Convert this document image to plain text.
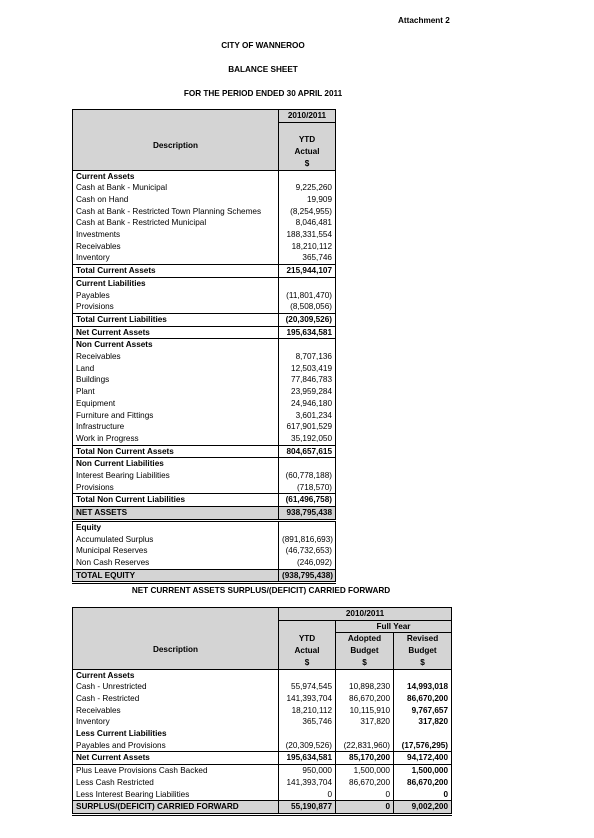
Attachment 2
CITY OF WANNEROO
BALANCE SHEET
FOR THE PERIOD ENDED 30 APRIL 2011
	2010/2011

Description	

	YTD
	Actual
	$
Current Assets	
Cash at Bank - Municipal	9,225,260
Cash on Hand	19,909
Cash at Bank - Restricted Town Planning Schemes	(8,254,955)
Cash at Bank - Restricted Municipal	8,046,481
Investments	188,331,554
Receivables	18,210,112
Inventory	365,746
Total Current Assets	215,944,107
Current Liabilities	
Payables	(11,801,470)
Provisions	(8,508,056)
Total Current Liabilities	(20,309,526)
Net Current Assets	195,634,581
Non Current Assets	
Receivables	8,707,136
Land	12,503,419
Buildings	77,846,783
Plant	23,959,284
Equipment	24,946,180
Furniture and Fittings	3,601,234
Infrastructure	617,901,529
Work in Progress	35,192,050
Total Non Current Assets	804,657,615
Non Current Liabilities	
Interest Bearing Liabilities	(60,778,188)
Provisions	(718,570)
Total Non Current Liabilities	(61,496,758)
NET ASSETS	938,795,438
Equity	
Accumulated Surplus	(891,816,693)
Municipal Reserves	(46,732,653)
Non Cash Reserves	(246,092)
TOTAL EQUITY	(938,795,438)
NET CURRENT ASSETS SURPLUS/(DEFICIT) CARRIED FORWARD
	2010/2011		

Description		Full Year	
	YTD	Adopted	Revised
	Actual	Budget	Budget
	$	$	$
Current Assets			
Cash - Unrestricted	55,974,545	10,898,230	14,993,018
Cash - Restricted	141,393,704	86,670,200	86,670,200
Receivables	18,210,112	10,115,910	9,767,657
Inventory	365,746	317,820	317,820
Less Current Liabilities			
Payables and Provisions	(20,309,526)	(22,831,960)	(17,576,295)
Net Current Assets	195,634,581	85,170,200	94,172,400
Plus Leave Provisions Cash Backed	950,000	1,500,000	1,500,000
Less Cash Restricted	141,393,704	86,670,200	86,670,200
Less Interest Bearing Liabilities	0	0	0
SURPLUS/(DEFICIT) CARRIED FORWARD	55,190,877	0	9,002,200
